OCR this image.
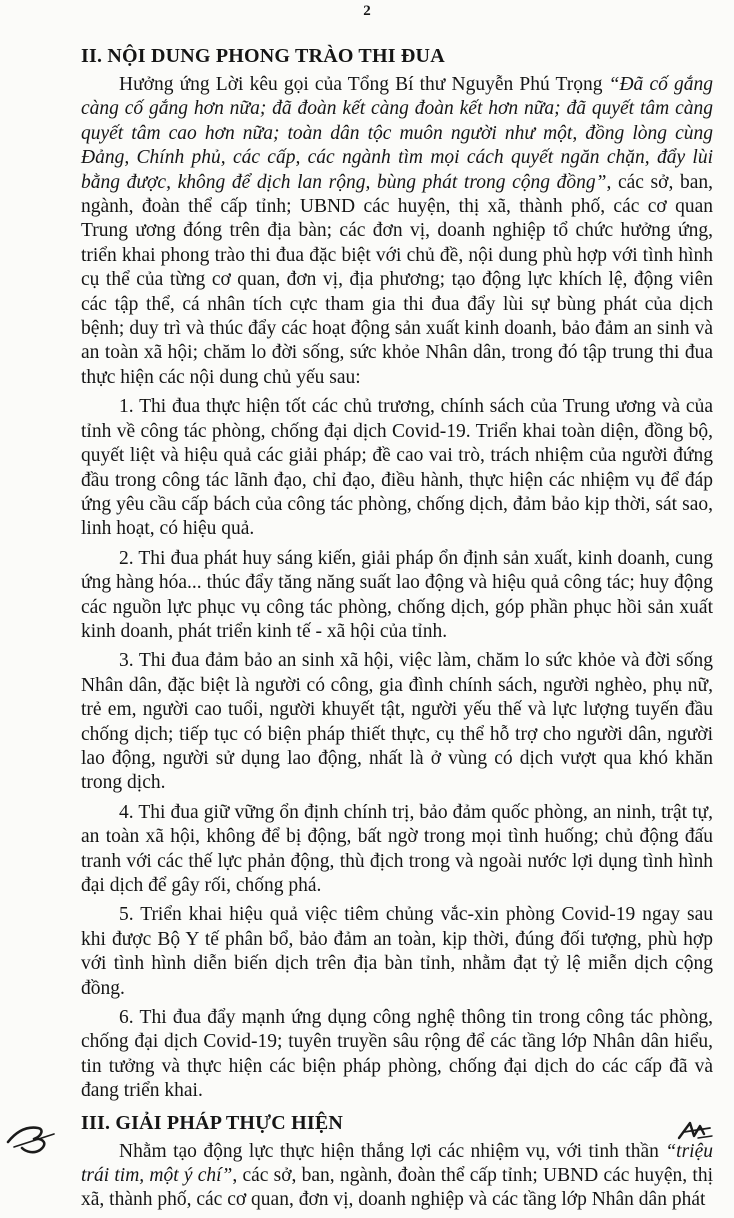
2
II. NỘI DUNG PHONG TRÀO THI ĐUA

Hưởng ứng Lời kêu gọi của Tổng Bí thư Nguyễn Phú Trọng “Đã cố gắng càng cố gắng hơn nữa; đã đoàn kết càng đoàn kết hơn nữa; đã quyết tâm càng quyết tâm cao hơn nữa; toàn dân tộc muôn người như một, đồng lòng cùng Đảng, Chính phủ, các cấp, các ngành tìm mọi cách quyết ngăn chặn, đẩy lùi bằng được, không để dịch lan rộng, bùng phát trong cộng đồng”, các sở, ban, ngành, đoàn thể cấp tỉnh; UBND các huyện, thị xã, thành phố, các cơ quan Trung ương đóng trên địa bàn; các đơn vị, doanh nghiệp tổ chức hưởng ứng, triển khai phong trào thi đua đặc biệt với chủ đề, nội dung phù hợp với tình hình cụ thể của từng cơ quan, đơn vị, địa phương; tạo động lực khích lệ, động viên các tập thể, cá nhân tích cực tham gia thi đua đẩy lùi sự bùng phát của dịch bệnh; duy trì và thúc đẩy các hoạt động sản xuất kinh doanh, bảo đảm an sinh và an toàn xã hội; chăm lo đời sống, sức khỏe Nhân dân, trong đó tập trung thi đua thực hiện các nội dung chủ yếu sau:

1. Thi đua thực hiện tốt các chủ trương, chính sách của Trung ương và của tỉnh về công tác phòng, chống đại dịch Covid-19. Triển khai toàn diện, đồng bộ, quyết liệt và hiệu quả các giải pháp; đề cao vai trò, trách nhiệm của người đứng đầu trong công tác lãnh đạo, chỉ đạo, điều hành, thực hiện các nhiệm vụ để đáp ứng yêu cầu cấp bách của công tác phòng, chống dịch, đảm bảo kịp thời, sát sao, linh hoạt, có hiệu quả.

2. Thi đua phát huy sáng kiến, giải pháp ổn định sản xuất, kinh doanh, cung ứng hàng hóa... thúc đẩy tăng năng suất lao động và hiệu quả công tác; huy động các nguồn lực phục vụ công tác phòng, chống dịch, góp phần phục hồi sản xuất kinh doanh, phát triển kinh tế - xã hội của tỉnh.

3. Thi đua đảm bảo an sinh xã hội, việc làm, chăm lo sức khỏe và đời sống Nhân dân, đặc biệt là người có công, gia đình chính sách, người nghèo, phụ nữ, trẻ em, người cao tuổi, người khuyết tật, người yếu thế và lực lượng tuyến đầu chống dịch; tiếp tục có biện pháp thiết thực, cụ thể hỗ trợ cho người dân, người lao động, người sử dụng lao động, nhất là ở vùng có dịch vượt qua khó khăn trong dịch.

4. Thi đua giữ vững ổn định chính trị, bảo đảm quốc phòng, an ninh, trật tự, an toàn xã hội, không để bị động, bất ngờ trong mọi tình huống; chủ động đấu tranh với các thế lực phản động, thù địch trong và ngoài nước lợi dụng tình hình đại dịch để gây rối, chống phá.

5. Triển khai hiệu quả việc tiêm chủng vắc-xin phòng Covid-19 ngay sau khi được Bộ Y tế phân bổ, bảo đảm an toàn, kịp thời, đúng đối tượng, phù hợp với tình hình diễn biến dịch trên địa bàn tỉnh, nhằm đạt tỷ lệ miễn dịch cộng đồng.

6. Thi đua đẩy mạnh ứng dụng công nghệ thông tin trong công tác phòng, chống đại dịch Covid-19; tuyên truyền sâu rộng để các tầng lớp Nhân dân hiểu, tin tưởng và thực hiện các biện pháp phòng, chống đại dịch do các cấp đã và đang triển khai.

III. GIẢI PHÁP THỰC HIỆN

Nhằm tạo động lực thực hiện thắng lợi các nhiệm vụ, với tinh thần “triệu trái tim, một ý chí”, các sở, ban, ngành, đoàn thể cấp tỉnh; UBND các huyện, thị xã, thành phố, các cơ quan, đơn vị, doanh nghiệp và các tầng lớp Nhân dân phát
